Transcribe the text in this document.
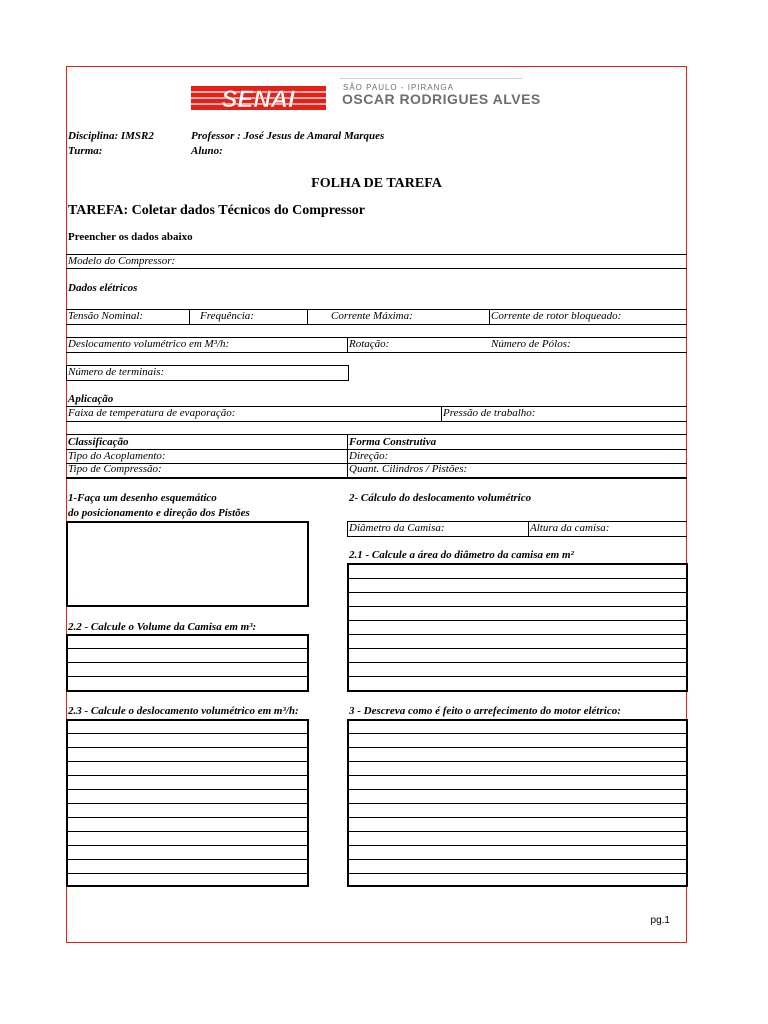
SENAI	SÃO PAULO - IPIRANGA
OSCAR RODRIGUES ALVES
Disciplina: IMSR2	Professor : José Jesus de Amaral Marques
Turma:	Aluno:
FOLHA DE TAREFA
TAREFA: Coletar dados Técnicos do Compressor
Preencher os dados abaixo
Modelo do Compressor:
Dados elétricos
Tensão Nominal:	Frequência:	Corrente Máxima:	Corrente de rotor bloqueado:
Deslocamento volumétrico em M³/h:	Rotação:	Número de Pólos:
Número de terminais:
Aplicação
Faixa de temperatura de evaporação:	Pressão de trabalho:
Classificação	Forma Construtiva
Tipo do Acoplamento:	Direção:
Tipo de Compressão:	Quant. Cilindros / Pistões:
1-Faça um desenho esquemático
do posicionamento e direção dos Pistões
2- Cálculo do deslocamento volumétrico
Diâmetro da Camisa:	Altura da camisa:
2.1 - Calcule a área do diâmetro da camisa em m²
2.2 - Calcule o Volume da Camisa em m³:
2.3 - Calcule o deslocamento volumétrico em m³/h:	3 - Descreva como é feito o arrefecimento do motor elétrico:
pg.1
